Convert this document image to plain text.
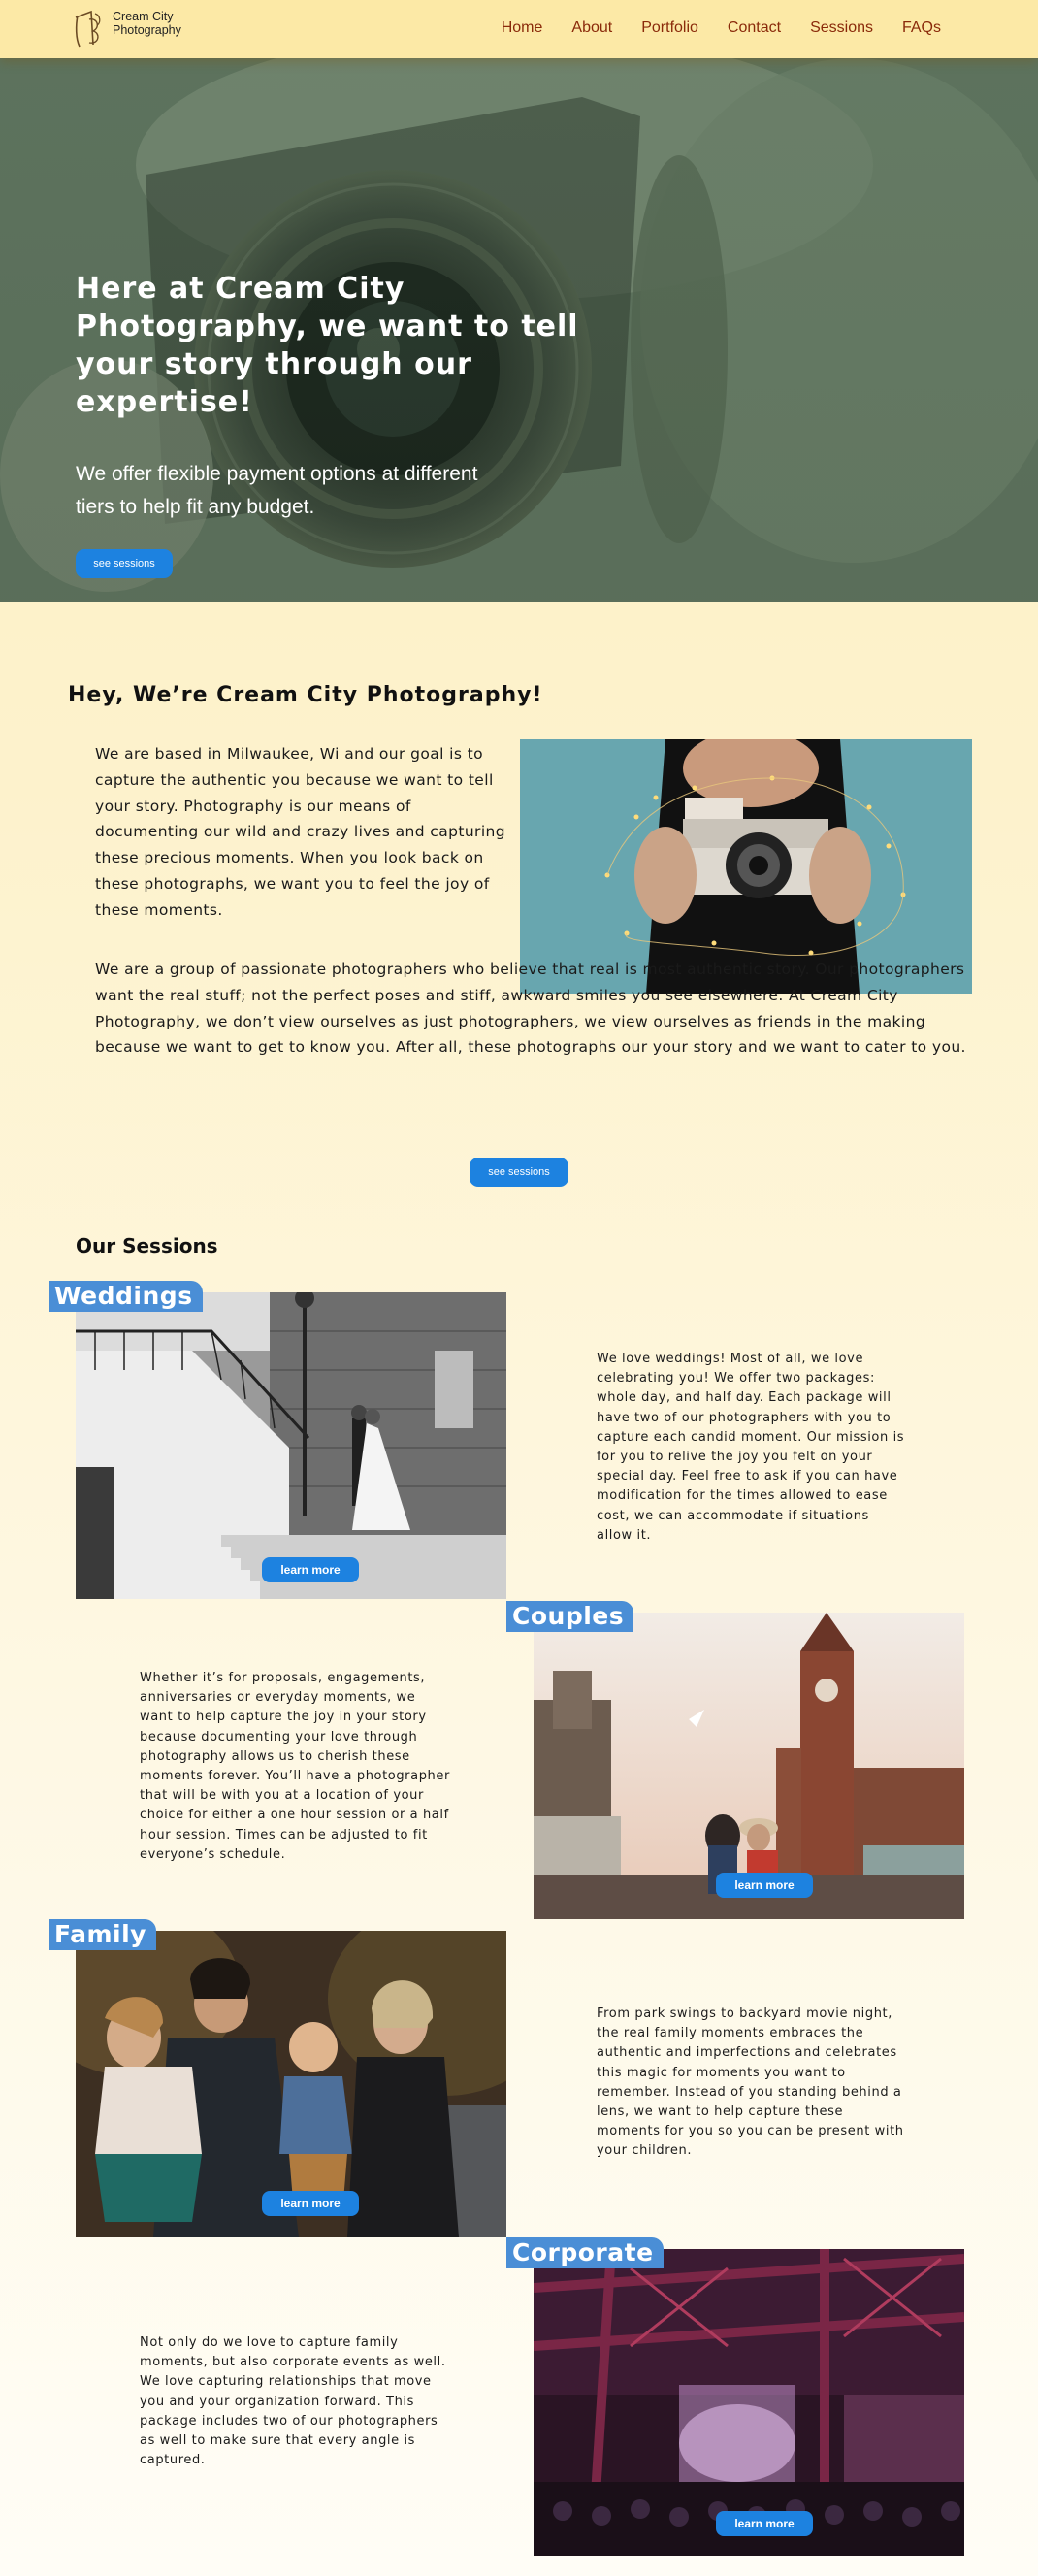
Cream City
Photography	Home About Portfolio Contact Sessions FAQs
Here at Cream City Photography, we want to tell your story through our expertise!

We offer flexible payment options at different tiers to help fit any budget.

see sessions
Hey, We’re Cream City Photography!

We are based in Milwaukee, Wi and our goal is to capture the authentic you because we want to tell your story. Photography is our means of documenting our wild and crazy lives and capturing these precious moments. When you look back on these photographs, we want you to feel the joy of these moments.

We are a group of passionate photographers who believe that real is most authentic story. Our photographers want the real stuff; not the perfect poses and stiff, awkward smiles you see elsewhere. At Cream City Photography, we don’t view ourselves as just photographers, we view ourselves as friends in the making because we want to get to know you. After all, these photographs our your story and we want to cater to you.

see sessions
Our Sessions
Weddings
learn more

We love weddings! Most of all, we love celebrating you! We offer two packages: whole day, and half day. Each package will have two of our photographers with you to capture each candid moment. Our mission is for you to relive the joy you felt on your special day. Feel free to ask if you can have modification for the times allowed to ease cost, we can accommodate if situations allow it.

Whether it’s for proposals, engagements, anniversaries or everyday moments, we want to help capture the joy in your story because documenting your love through photography allows us to cherish these moments forever. You’ll have a photographer that will be with you at a location of your choice for either a one hour session or a half hour session. Times can be adjusted to fit everyone’s schedule.

Couples
learn more
Family
learn more

From park swings to backyard movie night, the real family moments embraces the authentic and imperfections and celebrates this magic for moments you want to remember. Instead of you standing behind a lens, we want to help capture these moments for you so you can be present with your children.

Not only do we love to capture family moments, but also corporate events as well. We love capturing relationships that move you and your organization forward. This package includes two of our photographers as well to make sure that every angle is captured.

Corporate
learn more
